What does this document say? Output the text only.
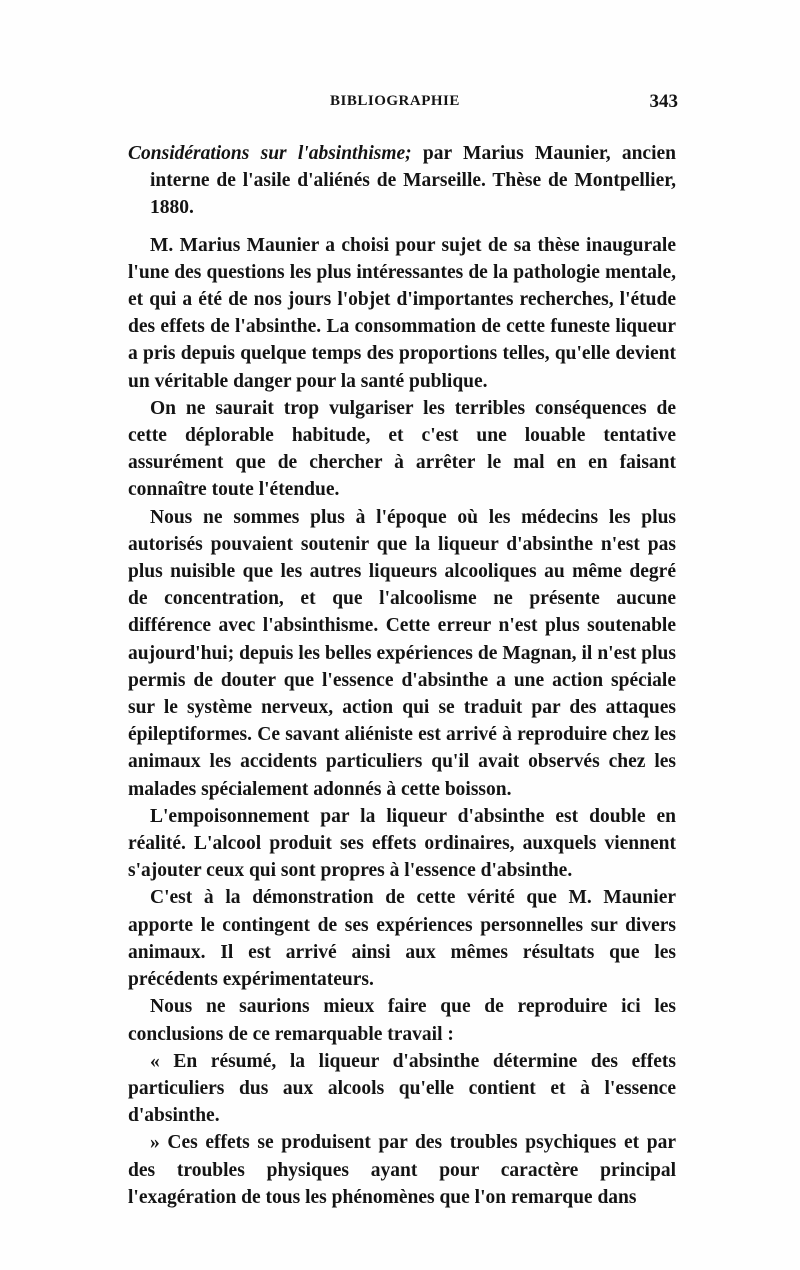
BIBLIOGRAPHIE	343

Considérations sur l'absinthisme; par Marius Maunier, ancien interne de l'asile d'aliénés de Marseille. Thèse de Montpellier, 1880.

M. Marius Maunier a choisi pour sujet de sa thèse inaugurale l'une des questions les plus intéressantes de la pathologie mentale, et qui a été de nos jours l'objet d'importantes recherches, l'étude des effets de l'absinthe. La consommation de cette funeste liqueur a pris depuis quelque temps des proportions telles, qu'elle devient un véritable danger pour la santé publique.

On ne saurait trop vulgariser les terribles conséquences de cette déplorable habitude, et c'est une louable tentative assurément que de chercher à arrêter le mal en en faisant connaître toute l'étendue.

Nous ne sommes plus à l'époque où les médecins les plus autorisés pouvaient soutenir que la liqueur d'absinthe n'est pas plus nuisible que les autres liqueurs alcooliques au même degré de concentration, et que l'alcoolisme ne présente aucune différence avec l'absinthisme. Cette erreur n'est plus soutenable aujourd'hui; depuis les belles expériences de Magnan, il n'est plus permis de douter que l'essence d'absinthe a une action spéciale sur le système nerveux, action qui se traduit par des attaques épileptiformes. Ce savant aliéniste est arrivé à reproduire chez les animaux les accidents particuliers qu'il avait observés chez les malades spécialement adonnés à cette boisson.

L'empoisonnement par la liqueur d'absinthe est double en réalité. L'alcool produit ses effets ordinaires, auxquels viennent s'ajouter ceux qui sont propres à l'essence d'absinthe.

C'est à la démonstration de cette vérité que M. Maunier apporte le contingent de ses expériences personnelles sur divers animaux. Il est arrivé ainsi aux mêmes résultats que les précédents expérimentateurs.

Nous ne saurions mieux faire que de reproduire ici les conclusions de ce remarquable travail :

« En résumé, la liqueur d'absinthe détermine des effets particuliers dus aux alcools qu'elle contient et à l'essence d'absinthe.

» Ces effets se produisent par des troubles psychiques et par des troubles physiques ayant pour caractère principal l'exagération de tous les phénomènes que l'on remarque dans
